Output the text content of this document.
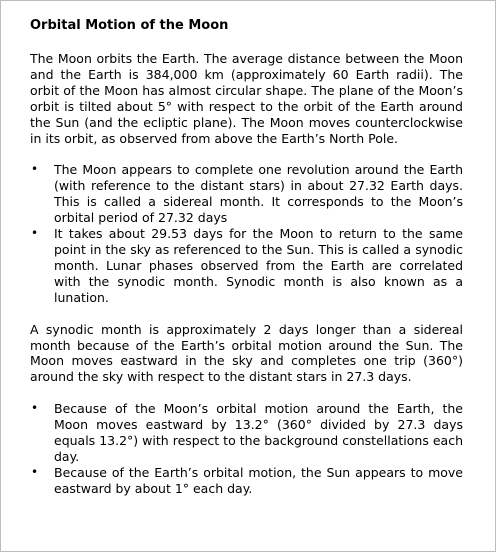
Orbital Motion of the Moon

The Moon orbits the Earth. The average distance between the Moon and the Earth is 384,000 km (approximately 60 Earth radii). The orbit of the Moon has almost circular shape. The plane of the Moon’s orbit is tilted about 5° with respect to the orbit of the Earth around the Sun (and the ecliptic plane). The Moon moves counterclockwise in its orbit, as observed from above the Earth’s North Pole.

• The Moon appears to complete one revolution around the Earth (with reference to the distant stars) in about 27.32 Earth days. This is called a sidereal month. It corresponds to the Moon’s orbital period of 27.32 days
• It takes about 29.53 days for the Moon to return to the same point in the sky as referenced to the Sun. This is called a synodic month. Lunar phases observed from the Earth are correlated with the synodic month. Synodic month is also known as a lunation.

A synodic month is approximately 2 days longer than a sidereal month because of the Earth’s orbital motion around the Sun. The Moon moves eastward in the sky and completes one trip (360°) around the sky with respect to the distant stars in 27.3 days.

• Because of the Moon’s orbital motion around the Earth, the Moon moves eastward by 13.2° (360° divided by 27.3 days equals 13.2°) with respect to the background constellations each day.
• Because of the Earth’s orbital motion, the Sun appears to move eastward by about 1° each day.
